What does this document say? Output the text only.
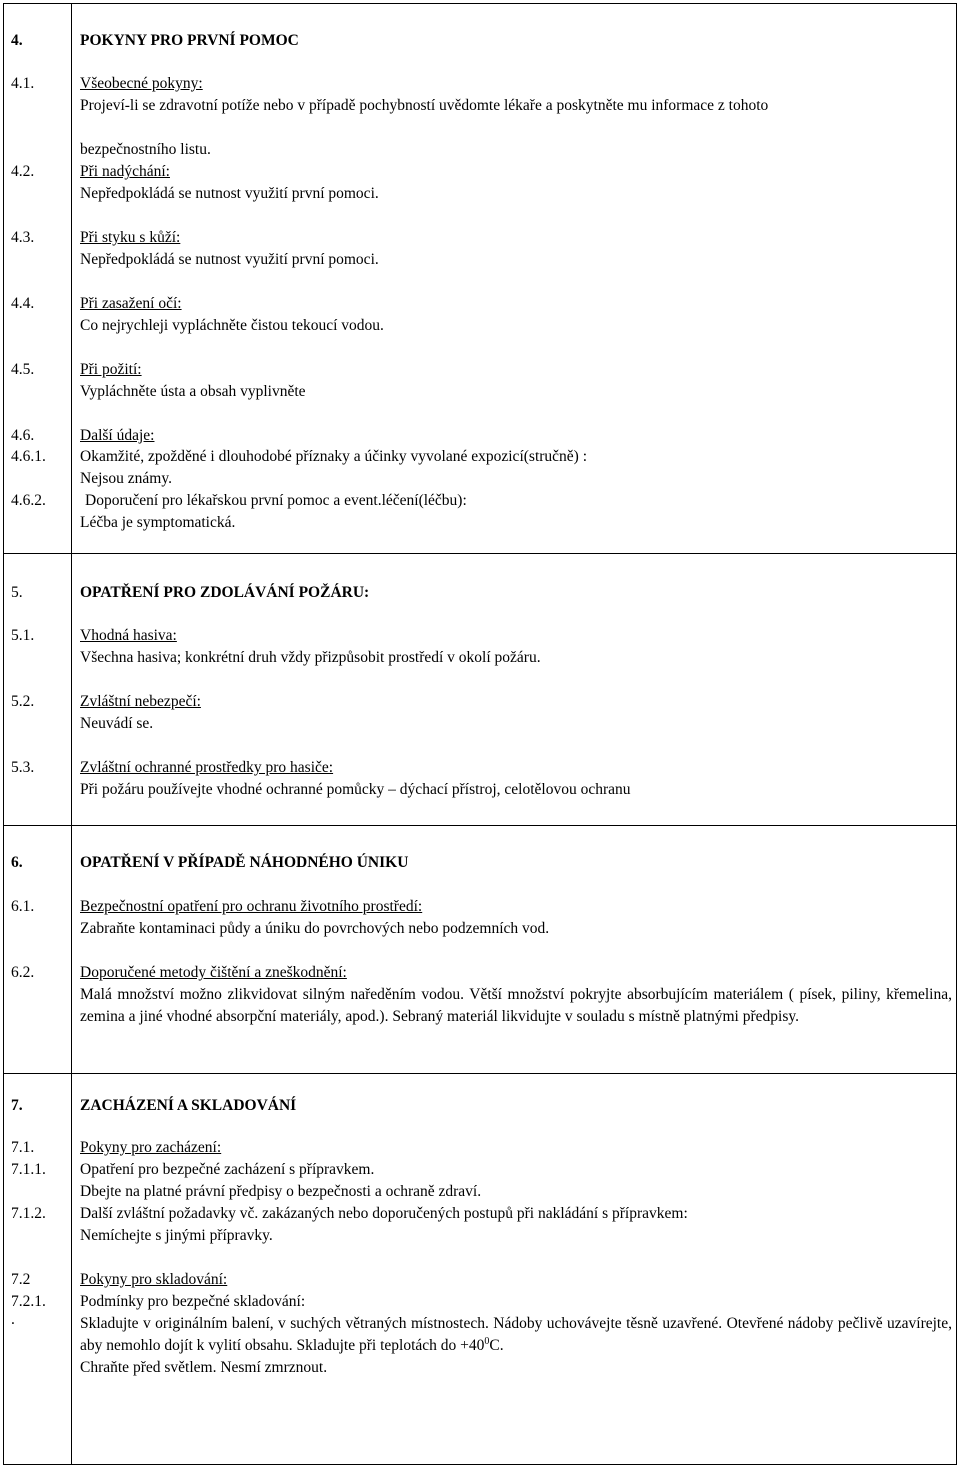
4.	POKYNY PRO PRVNÍ POMOC
4.1.	Všeobecné pokyny:
Projeví-li se zdravotní potíže nebo v případě pochybností uvědomte lékaře a poskytněte mu informace z tohoto
bezpečnostního listu.
4.2.	Při nadýchání:
Nepředpokládá se nutnost využití první pomoci.
4.3.	Při styku s kůží:
Nepředpokládá se nutnost využití první pomoci.
4.4.	Při zasažení očí:
Co nejrychleji vypláchněte čistou tekoucí vodou.
4.5.	Při požití:
Vypláchněte ústa a obsah vyplivněte
4.6.	Další údaje:
4.6.1. Okamžité, zpožděné i dlouhodobé příznaky a účinky vyvolané expozicí(stručně) :
Nejsou známy.
4.6.2.	Doporučení pro lékařskou první pomoc a event.léčení(léčbu):
Léčba je symptomatická.
5.	OPATŘENÍ PRO ZDOLÁVÁNÍ POŽÁRU:
5.1.	Vhodná hasiva:
Všechna hasiva; konkrétní druh vždy přizpůsobit prostředí v okolí požáru.
5.2.	Zvláštní nebezpečí:
Neuvádí se.
5.3.	Zvláštní ochranné prostředky pro hasiče:
Při požáru používejte vhodné ochranné pomůcky – dýchací přístroj, celotělovou ochranu
6.	OPATŘENÍ V PŘÍPADĚ NÁHODNÉHO ÚNIKU
6.1.	Bezpečnostní opatření pro ochranu životního prostředí:
Zabraňte kontaminaci půdy a úniku do povrchových nebo podzemních vod.
6.2.	Doporučené metody čištění a zneškodnění:
Malá množství možno zlikvidovat silným naředěním vodou. Větší množství pokryjte absorbujícím materiálem ( písek, piliny, křemelina, zemina a jiné vhodné absorpční materiály, apod.). Sebraný materiál likvidujte v souladu s místně platnými předpisy.
7.	ZACHÁZENÍ A SKLADOVÁNÍ
7.1.	Pokyny pro zacházení:
7.1.1. Opatření pro bezpečné zacházení s přípravkem.
Dbejte na platné právní předpisy o bezpečnosti a ochraně zdraví.
7.1.2. Další zvláštní požadavky vč. zakázaných nebo doporučených postupů při nakládání s přípravkem:
Nemíchejte s jinými přípravky.
7.2	Pokyny pro skladování:
7.2.1.
.
Podmínky pro bezpečné skladování:
Skladujte v originálním balení, v suchých větraných místnostech. Nádoby uchovávejte těsně uzavřené. Otevřené nádoby pečlivě uzavírejte, aby nemohlo dojít k vylití obsahu. Skladujte při teplotách do $+40^0C$.
Chraňte před světlem. Nesmí zmrznout.
